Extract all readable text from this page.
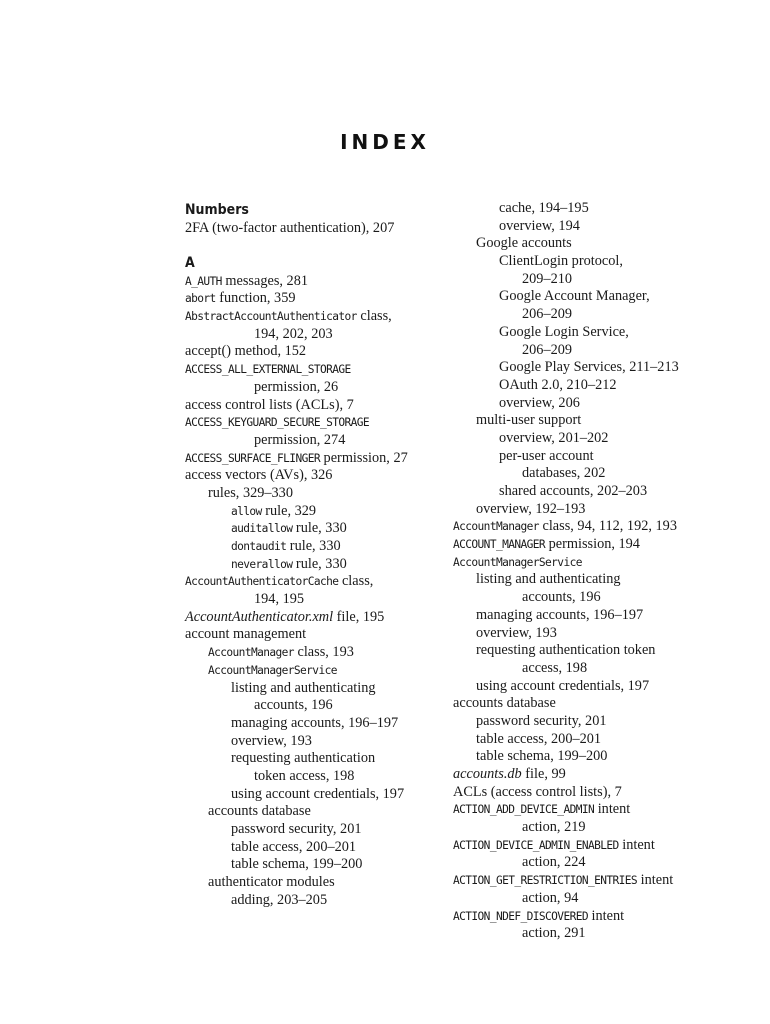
INDEX
Numbers
2FA (two-factor authentication), 207
A
A_AUTH messages, 281
abort function, 359
AbstractAccountAuthenticator class,
194, 202, 203
accept() method, 152
ACCESS_ALL_EXTERNAL_STORAGE
permission, 26
access control lists (ACLs), 7
ACCESS_KEYGUARD_SECURE_STORAGE
permission, 274
ACCESS_SURFACE_FLINGER permission, 27
access vectors (AVs), 326
rules, 329–330
allow rule, 329
auditallow rule, 330
dontaudit rule, 330
neverallow rule, 330
AccountAuthenticatorCache class,
194, 195
AccountAuthenticator.xml file, 195
account management
AccountManager class, 193
AccountManagerService
listing and authenticating
accounts, 196
managing accounts, 196–197
overview, 193
requesting authentication
token access, 198
using account credentials, 197
accounts database
password security, 201
table access, 200–201
table schema, 199–200
authenticator modules
adding, 203–205
cache, 194–195
overview, 194
Google accounts
ClientLogin protocol,
209–210
Google Account Manager,
206–209
Google Login Service,
206–209
Google Play Services, 211–213
OAuth 2.0, 210–212
overview, 206
multi-user support
overview, 201–202
per-user account
databases, 202
shared accounts, 202–203
overview, 192–193
AccountManager class, 94, 112, 192, 193
ACCOUNT_MANAGER permission, 194
AccountManagerService
listing and authenticating
accounts, 196
managing accounts, 196–197
overview, 193
requesting authentication token
access, 198
using account credentials, 197
accounts database
password security, 201
table access, 200–201
table schema, 199–200
accounts.db file, 99
ACLs (access control lists), 7
ACTION_ADD_DEVICE_ADMIN intent
action, 219
ACTION_DEVICE_ADMIN_ENABLED intent
action, 224
ACTION_GET_RESTRICTION_ENTRIES intent
action, 94
ACTION_NDEF_DISCOVERED intent
action, 291
